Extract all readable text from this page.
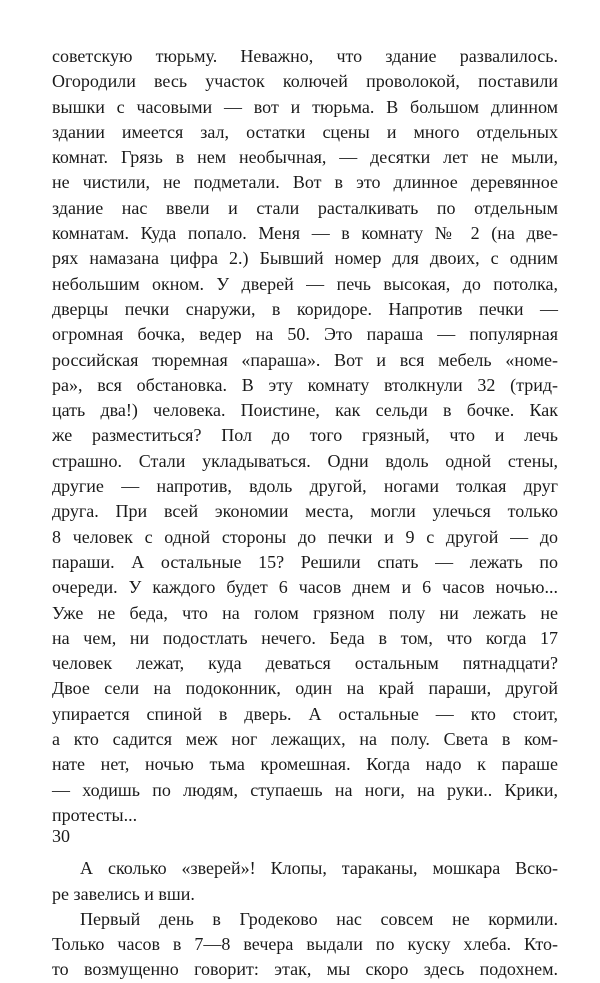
советскую тюрьму. Неважно, что здание развалилось.
Огородили весь участок колючей проволокой, поставили
вышки с часовыми — вот и тюрьма. В большом длинном
здании имеется зал, остатки сцены и много отдельных
комнат. Грязь в нем необычная, — десятки лет не мыли,
не чистили, не подметали. Вот в это длинное деревянное
здание нас ввели и стали расталкивать по отдельным
комнатам. Куда попало. Меня — в комнату № 2 (на две-
рях намазана цифра 2.) Бывший номер для двоих, с одним
небольшим окном. У дверей — печь высокая, до потолка,
дверцы печки снаружи, в коридоре. Напротив печки —
огромная бочка, ведер на 50. Это параша — популярная
российская тюремная «параша». Вот и вся мебель «номе-
ра», вся обстановка. В эту комнату втолкнули 32 (трид-
цать два!) человека. Поистине, как сельди в бочке. Как
же разместиться? Пол до того грязный, что и лечь
страшно. Стали укладываться. Одни вдоль одной стены,
другие — напротив, вдоль другой, ногами толкая друг
друга. При всей экономии места, могли улечься только
8 человек с одной стороны до печки и 9 с другой — до
параши. А остальные 15? Решили спать — лежать по
очереди. У каждого будет 6 часов днем и 6 часов ночью...
Уже не беда, что на голом грязном полу ни лежать не
на чем, ни подостлать нечего. Беда в том, что когда 17
человек лежат, куда деваться остальным пятнадцати?
Двое сели на подоконник, один на край параши, другой
упирается спиной в дверь. А остальные — кто стоит,
а кто садится меж ног лежащих, на полу. Света в ком-
нате нет, ночью тьма кромешная. Когда надо к параше
— ходишь по людям, ступаешь на ноги, на руки.. Крики,
протесты...
А сколько «зверей»! Клопы, тараканы, мошкара Вско-
ре завелись и вши.
Первый день в Гродеково нас совсем не кормили.
Только часов в 7—8 вечера выдали по куску хлеба. Кто-
то возмущенно говорит: этак, мы скоро здесь подохнем.
30
